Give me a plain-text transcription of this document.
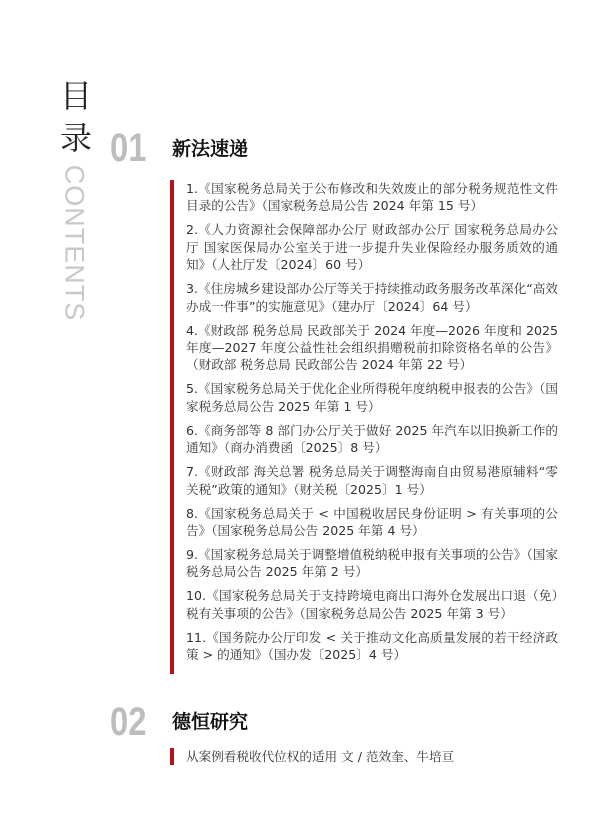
目
录
CONTENTS
01 新法速递
1.《国家税务总局关于公布修改和失效废止的部分税务规范性文件目录的公告》（国家税务总局公告 2024 年第 15 号）
2.《人力资源社会保障部办公厅 财政部办公厅 国家税务总局办公厅 国家医保局办公室关于进一步提升失业保险经办服务质效的通知》（人社厅发〔2024〕60 号）
3.《住房城乡建设部办公厅等关于持续推动政务服务改革深化“高效办成一件事”的实施意见》（建办厅〔2024〕64 号）
4.《财政部 税务总局 民政部关于 2024 年度—2026 年度和 2025 年度—2027 年度公益性社会组织捐赠税前扣除资格名单的公告》（财政部 税务总局 民政部公告 2024 年第 22 号）
5.《国家税务总局关于优化企业所得税年度纳税申报表的公告》（国家税务总局公告 2025 年第 1 号）
6.《商务部等 8 部门办公厅关于做好 2025 年汽车以旧换新工作的通知》（商办消费函〔2025〕8 号）
7.《财政部 海关总署 税务总局关于调整海南自由贸易港原辅料“零关税”政策的通知》（财关税〔2025〕1 号）
8.《国家税务总局关于 < 中国税收居民身份证明 > 有关事项的公告》（国家税务总局公告 2025 年第 4 号）
9.《国家税务总局关于调整增值税纳税申报有关事项的公告》（国家税务总局公告 2025 年第 2 号）
10.《国家税务总局关于支持跨境电商出口海外仓发展出口退（免）税有关事项的公告》（国家税务总局公告 2025 年第 3 号）
11.《国务院办公厅印发 < 关于推动文化高质量发展的若干经济政策 > 的通知》（国办发〔2025〕4 号）
02 德恒研究
从案例看税收代位权的适用 文 / 范效奎、牛培亘
